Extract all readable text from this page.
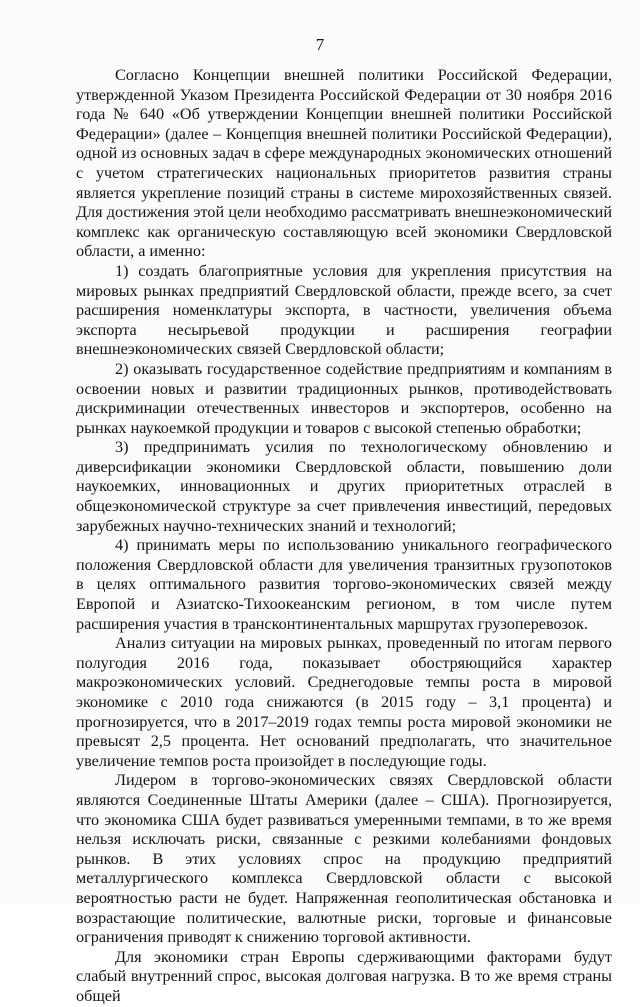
7

Согласно Концепции внешней политики Российской Федерации, утвержденной Указом Президента Российской Федерации от 30 ноября 2016 года № 640 «Об утверждении Концепции внешней политики Российской Федерации» (далее – Концепция внешней политики Российской Федерации), одной из основных задач в сфере международных экономических отношений с учетом стратегических национальных приоритетов развития страны является укрепление позиций страны в системе мирохозяйственных связей. Для достижения этой цели необходимо рассматривать внешнеэкономический комплекс как органическую составляющую всей экономики Свердловской области, а именно:

1) создать благоприятные условия для укрепления присутствия на мировых рынках предприятий Свердловской области, прежде всего, за счет расширения номенклатуры экспорта, в частности, увеличения объема экспорта несырьевой продукции и расширения географии внешнеэкономических связей Свердловской области;

2) оказывать государственное содействие предприятиям и компаниям в освоении новых и развитии традиционных рынков, противодействовать дискриминации отечественных инвесторов и экспортеров, особенно на рынках наукоемкой продукции и товаров с высокой степенью обработки;

3) предпринимать усилия по технологическому обновлению и диверсификации экономики Свердловской области, повышению доли наукоемких, инновационных и других приоритетных отраслей в общеэкономической структуре за счет привлечения инвестиций, передовых зарубежных научно-технических знаний и технологий;

4) принимать меры по использованию уникального географического положения Свердловской области для увеличения транзитных грузопотоков в целях оптимального развития торгово-экономических связей между Европой и Азиатско-Тихоокеанским регионом, в том числе путем расширения участия в трансконтинентальных маршрутах грузоперевозок.

Анализ ситуации на мировых рынках, проведенный по итогам первого полугодия 2016 года, показывает обостряющийся характер макроэкономических условий. Среднегодовые темпы роста в мировой экономике с 2010 года снижаются (в 2015 году – 3,1 процента) и прогнозируется, что в 2017–2019 годах темпы роста мировой экономики не превысят 2,5 процента. Нет оснований предполагать, что значительное увеличение темпов роста произойдет в последующие годы.

Лидером в торгово-экономических связях Свердловской области являются Соединенные Штаты Америки (далее – США). Прогнозируется, что экономика США будет развиваться умеренными темпами, в то же время нельзя исключать риски, связанные с резкими колебаниями фондовых рынков. В этих условиях спрос на продукцию предприятий металлургического комплекса Свердловской области с высокой вероятностью расти не будет. Напряженная геополитическая обстановка и возрастающие политические, валютные риски, торговые и финансовые ограничения приводят к снижению торговой активности.

Для экономики стран Европы сдерживающими факторами будут слабый внутренний спрос, высокая долговая нагрузка. В то же время страны общей
